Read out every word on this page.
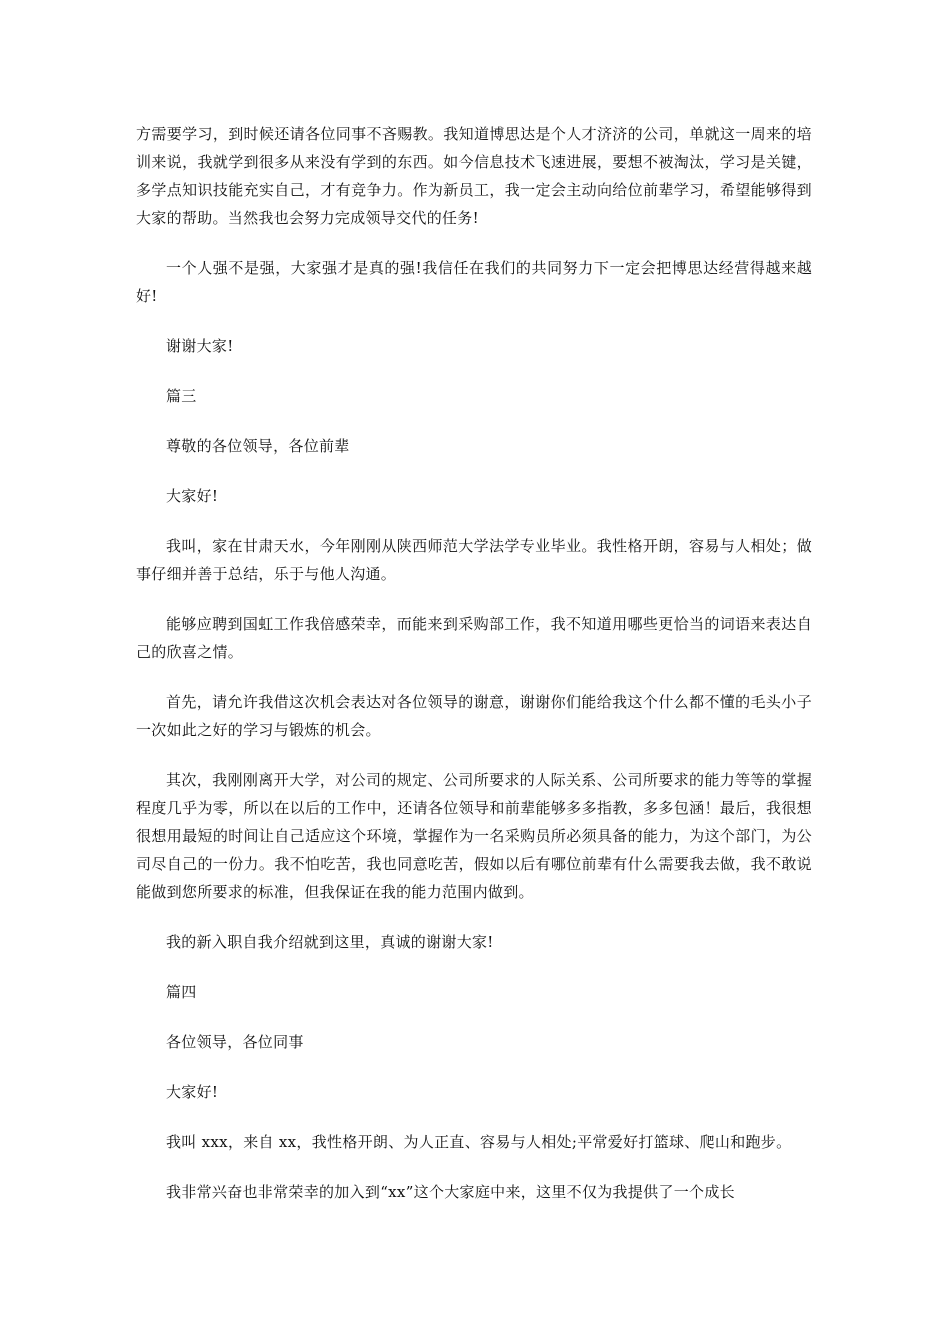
方需要学习，到时候还请各位同事不吝赐教。我知道博思达是个人才济济的公司，单就这一周来的培训来说，我就学到很多从来没有学到的东西。如今信息技术飞速进展，要想不被淘汰，学习是关键，多学点知识技能充实自己，才有竞争力。作为新员工，我一定会主动向给位前辈学习，希望能够得到大家的帮助。当然我也会努力完成领导交代的任务!

一个人强不是强，大家强才是真的强!我信任在我们的共同努力下一定会把博思达经营得越来越好!

谢谢大家!

篇三

尊敬的各位领导，各位前辈

大家好!

我叫，家在甘肃天水，今年刚刚从陕西师范大学法学专业毕业。我性格开朗，容易与人相处；做事仔细并善于总结，乐于与他人沟通。

能够应聘到国虹工作我倍感荣幸，而能来到采购部工作，我不知道用哪些更恰当的词语来表达自己的欣喜之情。

首先，请允许我借这次机会表达对各位领导的谢意，谢谢你们能给我这个什么都不懂的毛头小子一次如此之好的学习与锻炼的机会。

其次，我刚刚离开大学，对公司的规定、公司所要求的人际关系、公司所要求的能力等等的掌握程度几乎为零，所以在以后的工作中，还请各位领导和前辈能够多多指教，多多包涵！最后，我很想很想用最短的时间让自己适应这个环境，掌握作为一名采购员所必须具备的能力，为这个部门，为公司尽自己的一份力。我不怕吃苦，我也同意吃苦，假如以后有哪位前辈有什么需要我去做，我不敢说能做到您所要求的标准，但我保证在我的能力范围内做到。

我的新入职自我介绍就到这里，真诚的谢谢大家!

篇四

各位领导，各位同事

大家好!

我叫 xxx，来自 xx，我性格开朗、为人正直、容易与人相处;平常爱好打篮球、爬山和跑步。

我非常兴奋也非常荣幸的加入到“xx”这个大家庭中来，这里不仅为我提供了一个成长
